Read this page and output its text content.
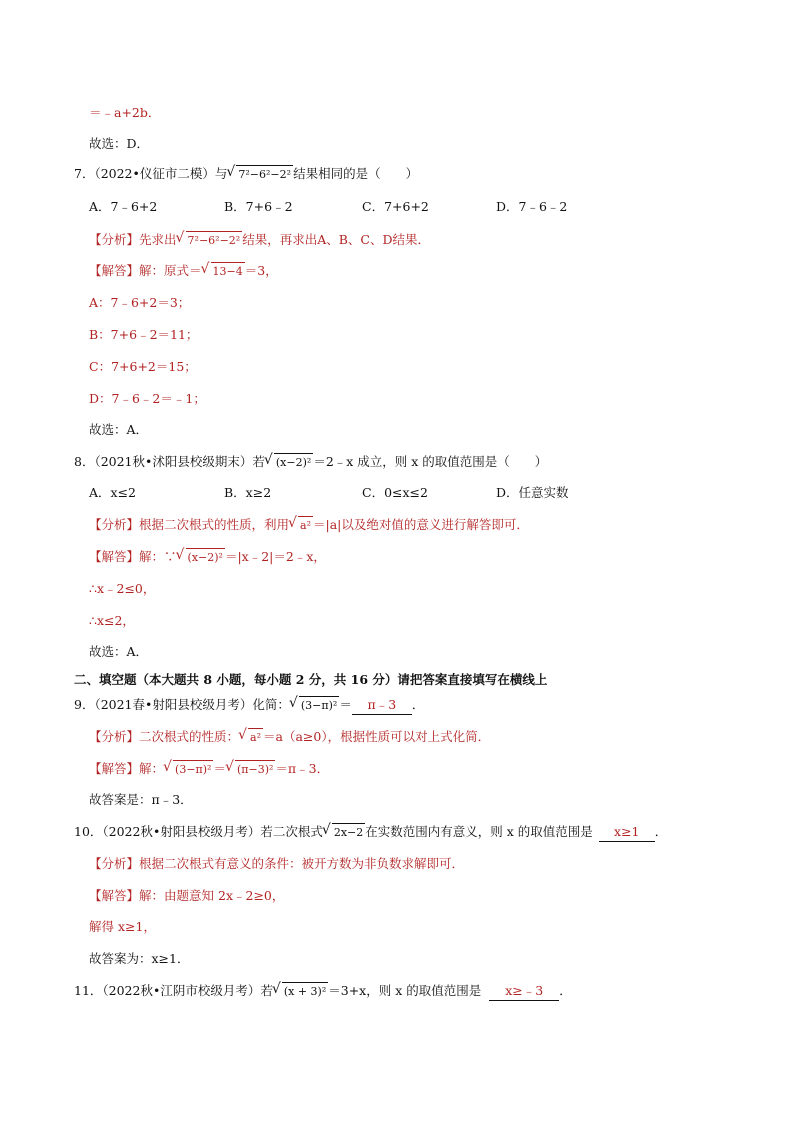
＝﹣a+2b．
故选：D．
7．（2022•仪征市二模）与 √ 7²−6²−2² 结果相同的是（　　）
A．7﹣6+2	B．7+6﹣2	C．7+6+2	D．7﹣6﹣2
【分析】先求出 √ 7²−6²−2² 结果，再求出A、B、C、D结果．
【解答】解：原式＝ √ 13−4 ＝3，
A：7﹣6+2＝3；
B：7+6﹣2＝11；
C：7+6+2＝15；
D：7﹣6﹣2＝﹣1；
故选：A．
8．（2021秋•沭阳县校级期末）若 √ (x−2)² ＝2﹣x 成立，则 x 的取值范围是（　　）
A．x≤2	B．x≥2	C．0≤x≤2	D．任意实数
【分析】根据二次根式的性质，利用 √ a² ＝|a|以及绝对值的意义进行解答即可．
【解答】解：∵ √ (x−2)² ＝|x﹣2|＝2﹣x，
∴x﹣2≤0，
∴x≤2，
故选：A．
二、填空题（本大题共 8 小题，每小题 2 分，共 16 分）请把答案直接填写在横线上
9．（2021春•射阳县校级月考）化简： √ (3−π)² ＝ π﹣3 ．
【分析】二次根式的性质： √ a² ＝a（a≥0），根据性质可以对上式化简．
【解答】解： √ (3−π)² ＝ √ (π−3)² ＝π﹣3．
故答案是：π﹣3．
10．（2022秋•射阳县校级月考）若二次根式 √ 2x−2 在实数范围内有意义，则 x 的取值范围是 x≥1 ．
【分析】根据二次根式有意义的条件：被开方数为非负数求解即可．
【解答】解：由题意知 2x﹣2≥0，
解得 x≥1，
故答案为：x≥1．
11．（2022秋•江阴市校级月考）若 √ (x + 3)² ＝3+x，则 x 的取值范围是 x≥﹣3 ．
